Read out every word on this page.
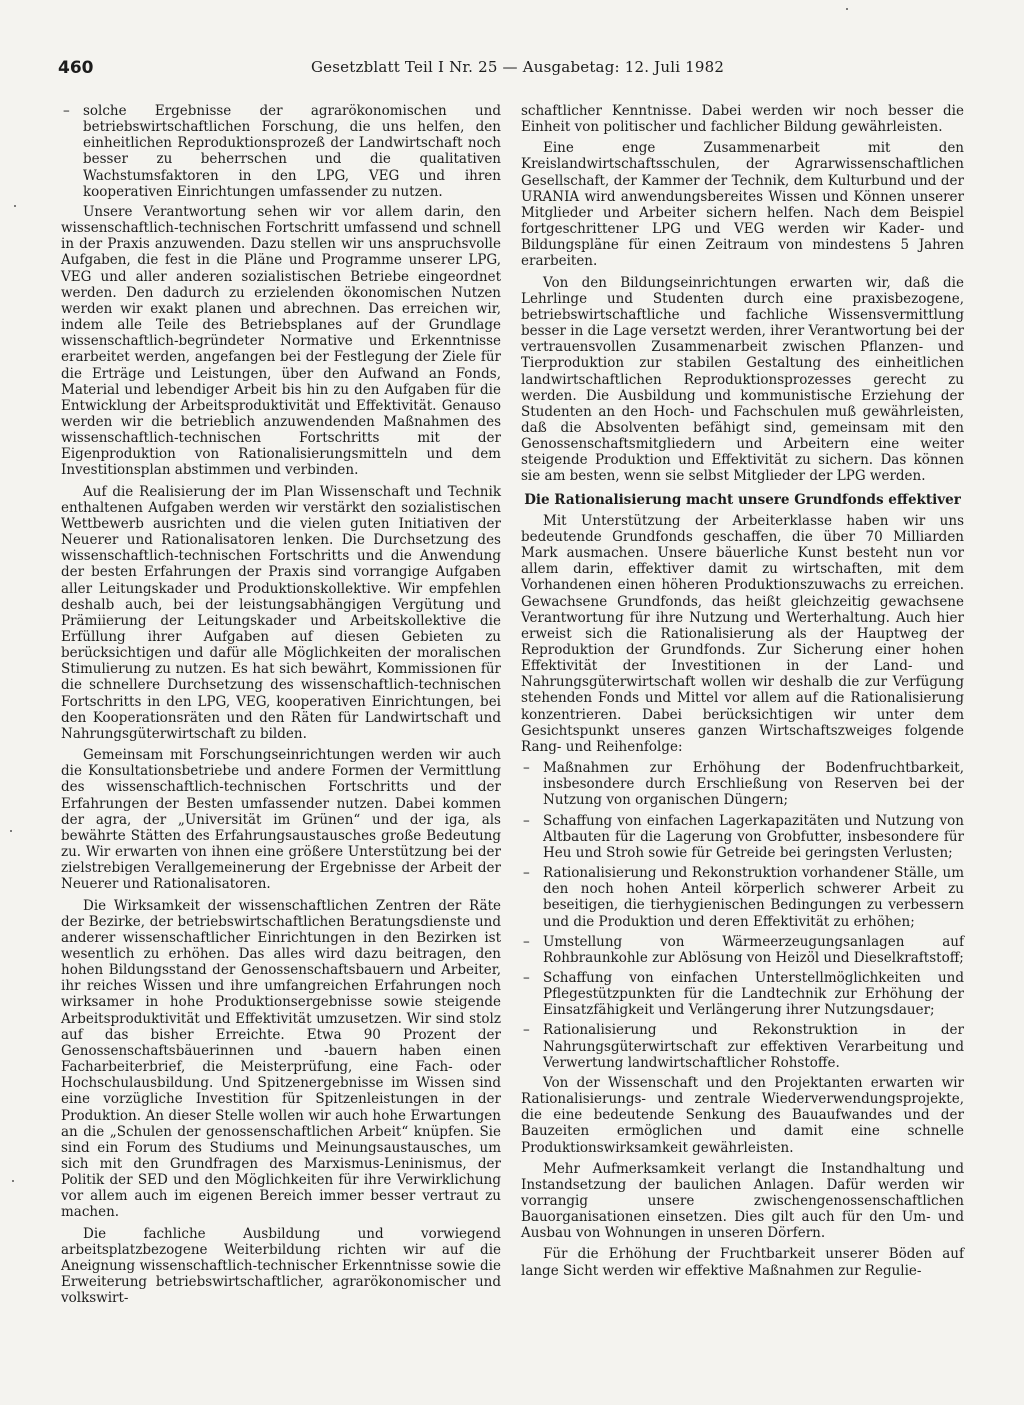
460	Gesetzblatt Teil I Nr. 25 — Ausgabetag: 12. Juli 1982
– solche Ergebnisse der agrarökonomischen und betriebswirtschaftlichen Forschung, die uns helfen, den einheitlichen Reproduktionsprozeß der Landwirtschaft noch besser zu beherrschen und die qualitativen Wachstumsfaktoren in den LPG, VEG und ihren kooperativen Einrichtungen umfassender zu nutzen.

Unsere Verantwortung sehen wir vor allem darin, den wissenschaftlich-technischen Fortschritt umfassend und schnell in der Praxis anzuwenden. Dazu stellen wir uns anspruchsvolle Aufgaben, die fest in die Pläne und Programme unserer LPG, VEG und aller anderen sozialistischen Betriebe eingeordnet werden. Den dadurch zu erzielenden ökonomischen Nutzen werden wir exakt planen und abrechnen. Das erreichen wir, indem alle Teile des Betriebsplanes auf der Grundlage wissenschaftlich-begründeter Normative und Erkenntnisse erarbeitet werden, angefangen bei der Festlegung der Ziele für die Erträge und Leistungen, über den Aufwand an Fonds, Material und lebendiger Arbeit bis hin zu den Aufgaben für die Entwicklung der Arbeitsproduktivität und Effektivität. Genauso werden wir die betrieblich anzuwendenden Maßnahmen des wissenschaftlich-technischen Fortschritts mit der Eigenproduktion von Rationalisierungsmitteln und dem Investitionsplan abstimmen und verbinden.

Auf die Realisierung der im Plan Wissenschaft und Technik enthaltenen Aufgaben werden wir verstärkt den sozialistischen Wettbewerb ausrichten und die vielen guten Initiativen der Neuerer und Rationalisatoren lenken. Die Durchsetzung des wissenschaftlich-technischen Fortschritts und die Anwendung der besten Erfahrungen der Praxis sind vorrangige Aufgaben aller Leitungskader und Produktionskollektive. Wir empfehlen deshalb auch, bei der leistungsabhängigen Vergütung und Prämiierung der Leitungskader und Arbeitskollektive die Erfüllung ihrer Aufgaben auf diesen Gebieten zu berücksichtigen und dafür alle Möglichkeiten der moralischen Stimulierung zu nutzen. Es hat sich bewährt, Kommissionen für die schnellere Durchsetzung des wissenschaftlich-technischen Fortschritts in den LPG, VEG, kooperativen Einrichtungen, bei den Kooperationsräten und den Räten für Landwirtschaft und Nahrungsgüterwirtschaft zu bilden.

Gemeinsam mit Forschungseinrichtungen werden wir auch die Konsultationsbetriebe und andere Formen der Vermittlung des wissenschaftlich-technischen Fortschritts und der Erfahrungen der Besten umfassender nutzen. Dabei kommen der agra, der „Universität im Grünen“ und der iga, als bewährte Stätten des Erfahrungsaustausches große Bedeutung zu. Wir erwarten von ihnen eine größere Unterstützung bei der zielstrebigen Verallgemeinerung der Ergebnisse der Arbeit der Neuerer und Rationalisatoren.

Die Wirksamkeit der wissenschaftlichen Zentren der Räte der Bezirke, der betriebswirtschaftlichen Beratungsdienste und anderer wissenschaftlicher Einrichtungen in den Bezirken ist wesentlich zu erhöhen. Das alles wird dazu beitragen, den hohen Bildungsstand der Genossenschaftsbauern und Arbeiter, ihr reiches Wissen und ihre umfangreichen Erfahrungen noch wirksamer in hohe Produktionsergebnisse sowie steigende Arbeitsproduktivität und Effektivität umzusetzen. Wir sind stolz auf das bisher Erreichte. Etwa 90 Prozent der Genossenschaftsbäuerinnen und -bauern haben einen Facharbeiterbrief, die Meisterprüfung, eine Fach- oder Hochschulausbildung. Und Spitzenergebnisse im Wissen sind eine vorzügliche Investition für Spitzenleistungen in der Produktion. An dieser Stelle wollen wir auch hohe Erwartungen an die „Schulen der genossenschaftlichen Arbeit“ knüpfen. Sie sind ein Forum des Studiums und Meinungsaustausches, um sich mit den Grundfragen des Marxismus-Leninismus, der Politik der SED und den Möglichkeiten für ihre Verwirklichung vor allem auch im eigenen Bereich immer besser vertraut zu machen.

Die fachliche Ausbildung und vorwiegend arbeitsplatzbezogene Weiterbildung richten wir auf die Aneignung wissenschaftlich-technischer Erkenntnisse sowie die Erweiterung betriebswirtschaftlicher, agrarökonomischer und volkswirt-

schaftlicher Kenntnisse. Dabei werden wir noch besser die Einheit von politischer und fachlicher Bildung gewährleisten.

Eine enge Zusammenarbeit mit den Kreislandwirtschaftsschulen, der Agrarwissenschaftlichen Gesellschaft, der Kammer der Technik, dem Kulturbund und der URANIA wird anwendungsbereites Wissen und Können unserer Mitglieder und Arbeiter sichern helfen. Nach dem Beispiel fortgeschrittener LPG und VEG werden wir Kader- und Bildungspläne für einen Zeitraum von mindestens 5 Jahren erarbeiten.

Von den Bildungseinrichtungen erwarten wir, daß die Lehrlinge und Studenten durch eine praxisbezogene, betriebswirtschaftliche und fachliche Wissensvermittlung besser in die Lage versetzt werden, ihrer Verantwortung bei der vertrauensvollen Zusammenarbeit zwischen Pflanzen- und Tierproduktion zur stabilen Gestaltung des einheitlichen landwirtschaftlichen Reproduktionsprozesses gerecht zu werden. Die Ausbildung und kommunistische Erziehung der Studenten an den Hoch- und Fachschulen muß gewährleisten, daß die Absolventen befähigt sind, gemeinsam mit den Genossenschaftsmitgliedern und Arbeitern eine weiter steigende Produktion und Effektivität zu sichern. Das können sie am besten, wenn sie selbst Mitglieder der LPG werden.

Die Rationalisierung macht unsere Grundfonds effektiver

Mit Unterstützung der Arbeiterklasse haben wir uns bedeutende Grundfonds geschaffen, die über 70 Milliarden Mark ausmachen. Unsere bäuerliche Kunst besteht nun vor allem darin, effektiver damit zu wirtschaften, mit dem Vorhandenen einen höheren Produktionszuwachs zu erreichen. Gewachsene Grundfonds, das heißt gleichzeitig gewachsene Verantwortung für ihre Nutzung und Werterhaltung. Auch hier erweist sich die Rationalisierung als der Hauptweg der Reproduktion der Grundfonds. Zur Sicherung einer hohen Effektivität der Investitionen in der Land- und Nahrungsgüterwirtschaft wollen wir deshalb die zur Verfügung stehenden Fonds und Mittel vor allem auf die Rationalisierung konzentrieren. Dabei berücksichtigen wir unter dem Gesichtspunkt unseres ganzen Wirtschaftszweiges folgende Rang- und Reihenfolge:

– Maßnahmen zur Erhöhung der Bodenfruchtbarkeit, insbesondere durch Erschließung von Reserven bei der Nutzung von organischen Düngern;
– Schaffung von einfachen Lagerkapazitäten und Nutzung von Altbauten für die Lagerung von Grobfutter, insbesondere für Heu und Stroh sowie für Getreide bei geringsten Verlusten;
– Rationalisierung und Rekonstruktion vorhandener Ställe, um den noch hohen Anteil körperlich schwerer Arbeit zu beseitigen, die tierhygienischen Bedingungen zu verbessern und die Produktion und deren Effektivität zu erhöhen;
– Umstellung von Wärmeerzeugungsanlagen auf Rohbraunkohle zur Ablösung von Heizöl und Dieselkraftstoff;
– Schaffung von einfachen Unterstellmöglichkeiten und Pflegestützpunkten für die Landtechnik zur Erhöhung der Einsatzfähigkeit und Verlängerung ihrer Nutzungsdauer;
– Rationalisierung und Rekonstruktion in der Nahrungsgüterwirtschaft zur effektiven Verarbeitung und Verwertung landwirtschaftlicher Rohstoffe.

Von der Wissenschaft und den Projektanten erwarten wir Rationalisierungs- und zentrale Wiederverwendungsprojekte, die eine bedeutende Senkung des Bauaufwandes und der Bauzeiten ermöglichen und damit eine schnelle Produktionswirksamkeit gewährleisten.

Mehr Aufmerksamkeit verlangt die Instandhaltung und Instandsetzung der baulichen Anlagen. Dafür werden wir vorrangig unsere zwischengenossenschaftlichen Bauorganisationen einsetzen. Dies gilt auch für den Um- und Ausbau von Wohnungen in unseren Dörfern.

Für die Erhöhung der Fruchtbarkeit unserer Böden auf lange Sicht werden wir effektive Maßnahmen zur Regulie-
